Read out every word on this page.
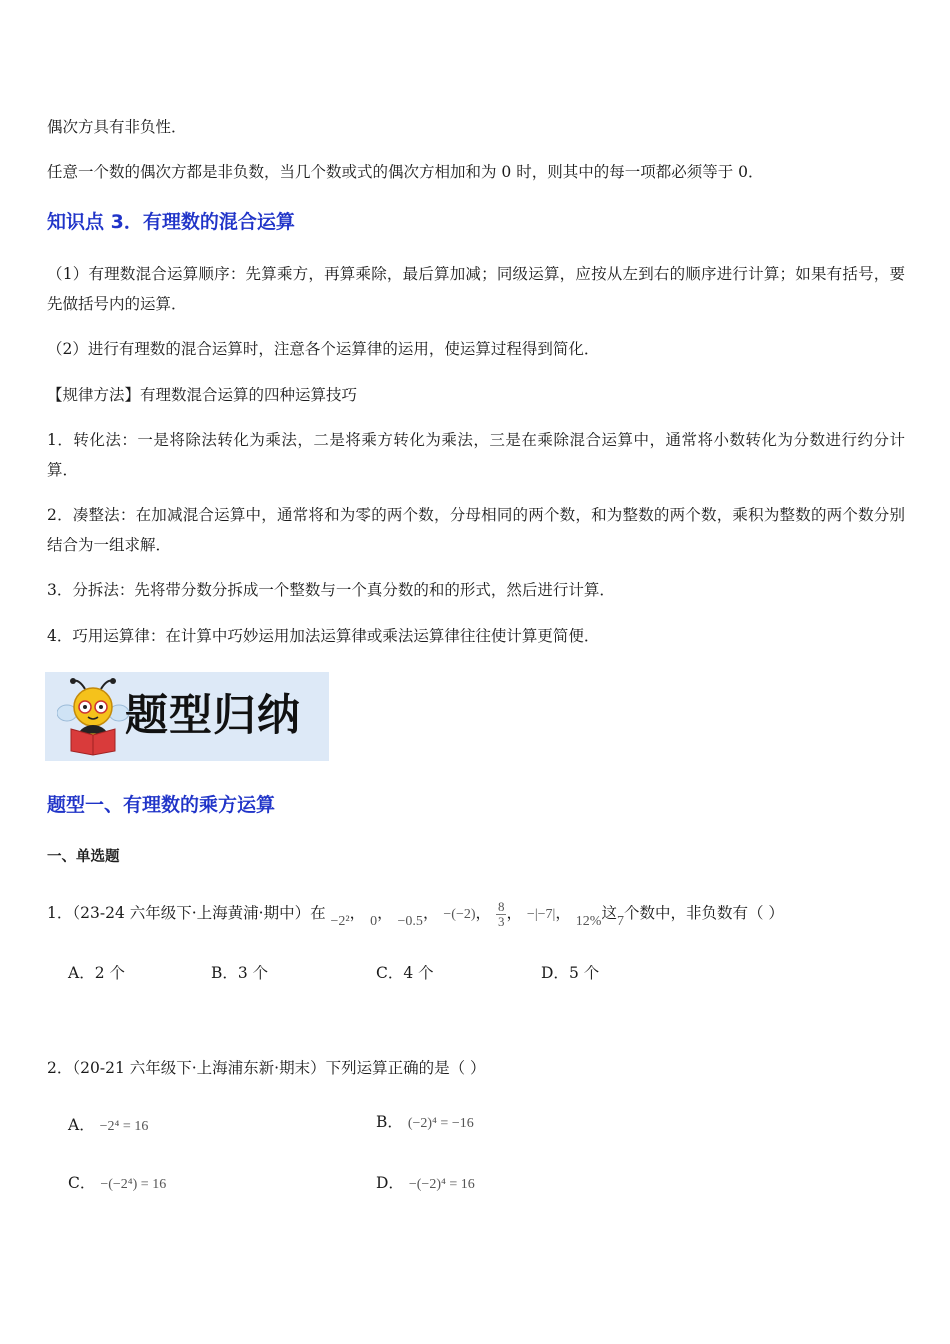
偶次方具有非负性．

任意一个数的偶次方都是非负数，当几个数或式的偶次方相加和为 0 时，则其中的每一项都必须等于 0．

知识点 3．有理数的混合运算

（1）有理数混合运算顺序：先算乘方，再算乘除，最后算加减；同级运算，应按从左到右的顺序进行计算；如果有括号，要先做括号内的运算．

（2）进行有理数的混合运算时，注意各个运算律的运用，使运算过程得到简化．

【规律方法】有理数混合运算的四种运算技巧

1．转化法：一是将除法转化为乘法，二是将乘方转化为乘法，三是在乘除混合运算中，通常将小数转化为分数进行约分计算．

2．凑整法：在加减混合运算中，通常将和为零的两个数，分母相同的两个数，和为整数的两个数，乘积为整数的两个数分别结合为一组求解．

3．分拆法：先将带分数分拆成一个整数与一个真分数的和的形式，然后进行计算．

4．巧用运算律：在计算中巧妙运用加法运算律或乘法运算律往往使计算更简便．

题型归纳
题型一、有理数的乘方运算
一、单选题
1．（23-24 六年级下·上海黄浦·期中）在 −2²， 0， −0.5， −(−2)， $\frac{8}{3}$ ， −|−7|， 12%这7个数中，非负数有（ ）
A．2 个	B．3 个	C．4 个	D．5 个
2．（20-21 六年级下·上海浦东新·期末）下列运算正确的是（ ）
A． −2⁴ = 16	B． (−2)⁴ = −16
C． −(−2⁴) = 16	D． −(−2)⁴ = 16
